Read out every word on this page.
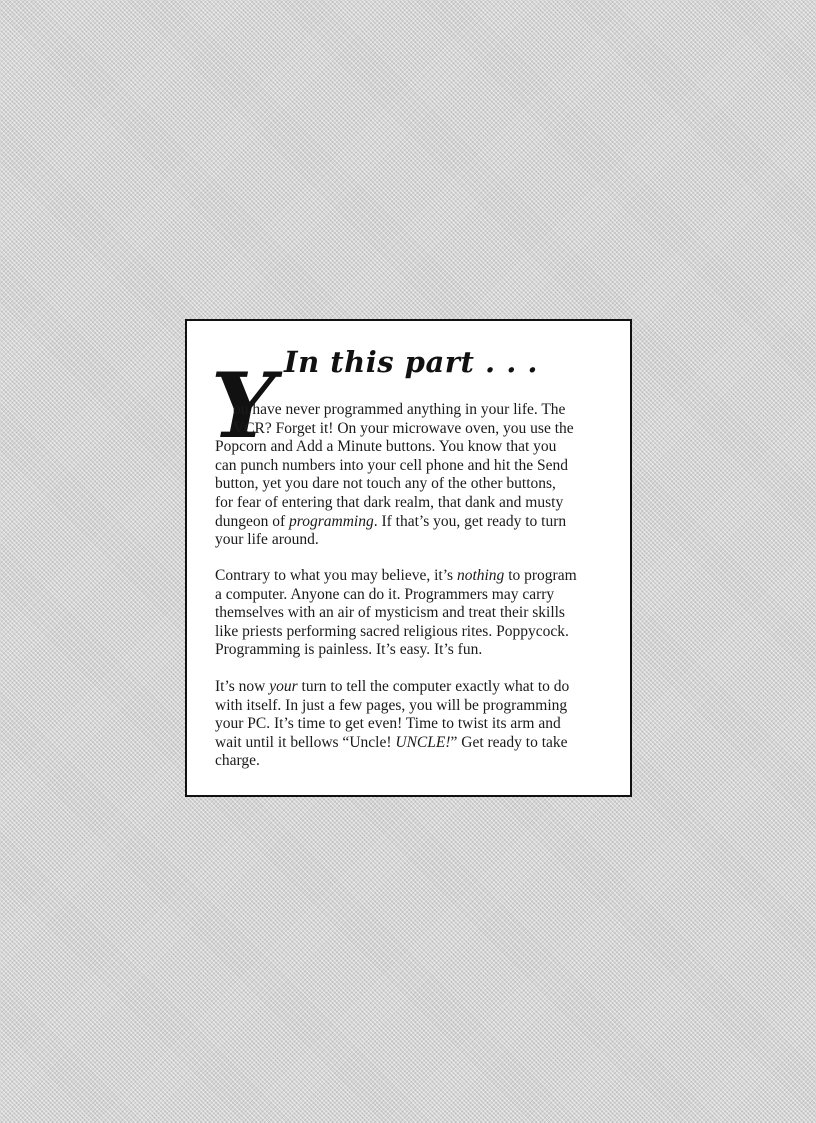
In this part . . .
Y

ou have never programmed anything in your life. The
VCR? Forget it! On your microwave oven, you use the
Popcorn and Add a Minute buttons. You know that you
can punch numbers into your cell phone and hit the Send
button, yet you dare not touch any of the other buttons,
for fear of entering that dark realm, that dank and musty
dungeon of programming. If that’s you, get ready to turn
your life around.

Contrary to what you may believe, it’s nothing to program
a computer. Anyone can do it. Programmers may carry
themselves with an air of mysticism and treat their skills
like priests performing sacred religious rites. Poppycock.
Programming is painless. It’s easy. It’s fun.

It’s now your turn to tell the computer exactly what to do
with itself. In just a few pages, you will be programming
your PC. It’s time to get even! Time to twist its arm and
wait until it bellows “Uncle! UNCLE!” Get ready to take
charge.
